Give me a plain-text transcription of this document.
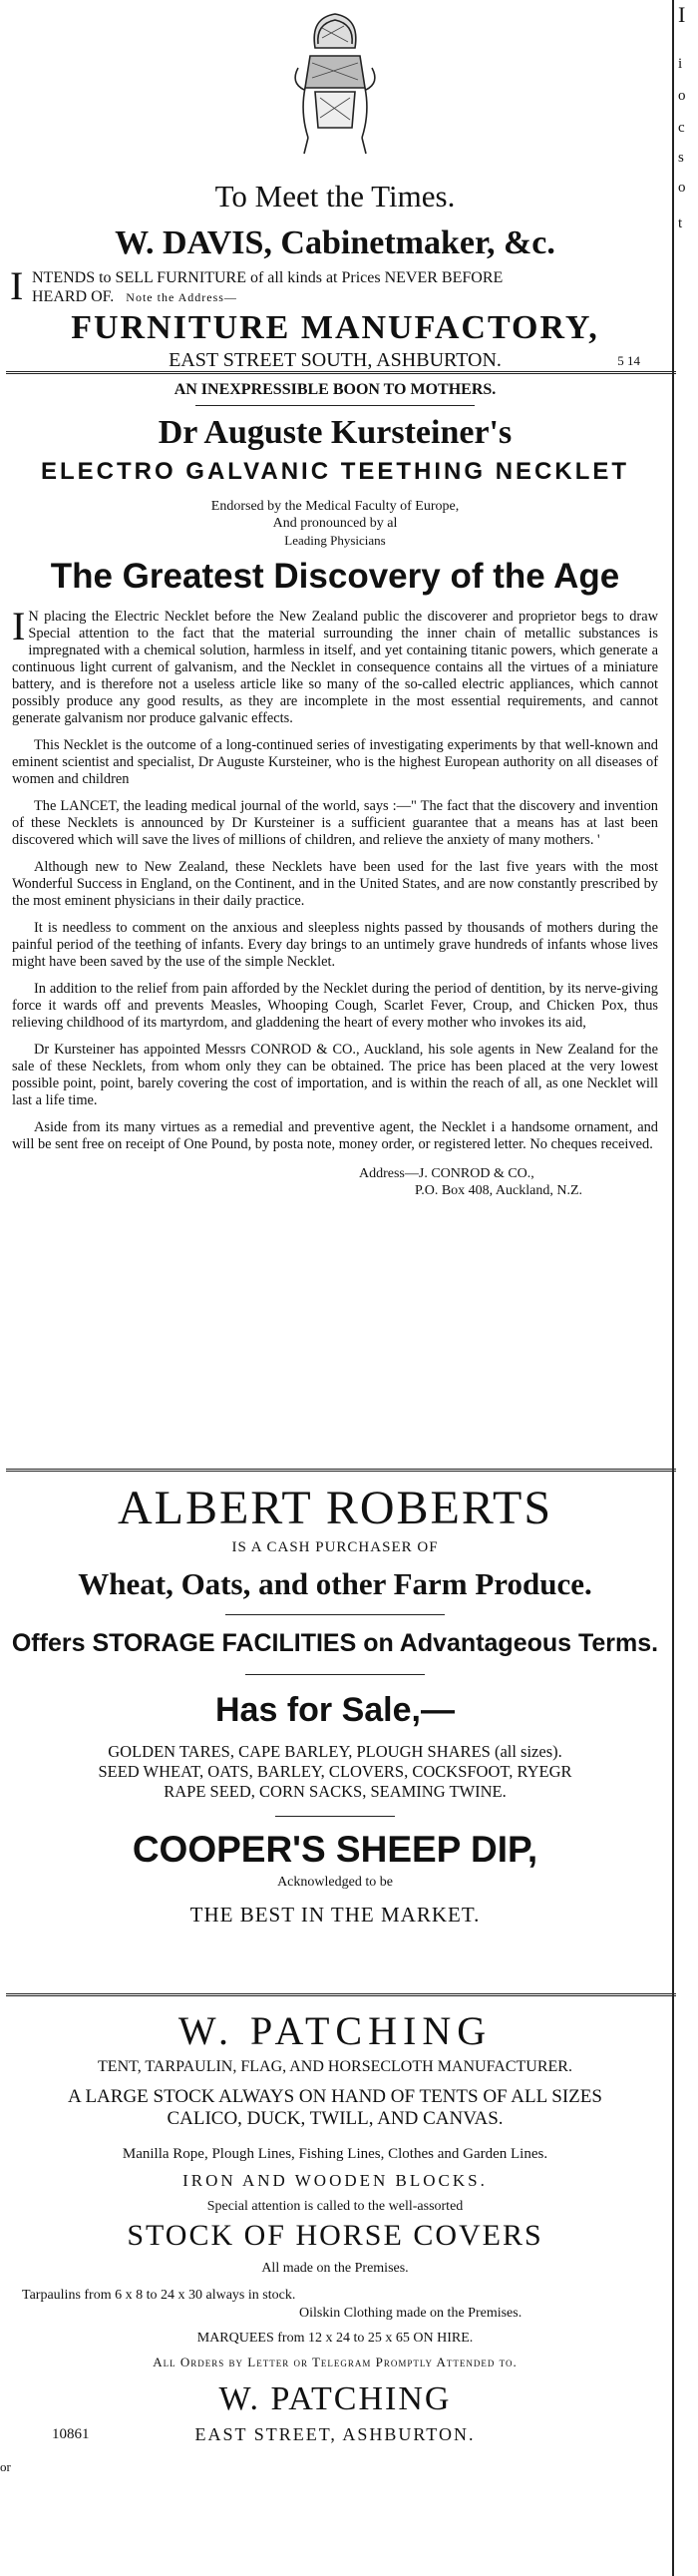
I
i
o
c
s
o
t
To Meet the Times.
W. DAVIS, Cabinetmaker, &c.
I NTENDS to SELL FURNITURE of all kinds at Prices NEVER BEFORE
HEARD OF. Note the Address—
FURNITURE MANUFACTORY,
EAST STREET SOUTH, ASHBURTON.	5 14
AN INEXPRESSIBLE BOON TO MOTHERS.
Dr Auguste Kursteiner's
ELECTRO GALVANIC TEETHING NECKLET
Endorsed by the Medical Faculty of Europe,
And pronounced by al
Leading Physicians
The Greatest Discovery of the Age
I N placing the Electric Necklet before the New Zealand public the discoverer and proprietor begs to draw Special attention to the fact that the material surrounding the inner chain of metallic substances is impregnated with a chemical solution, harmless in itself, and yet containing titanic powers, which generate a continuous light current of galvanism, and the Necklet in consequence contains all the virtues of a miniature battery, and is therefore not a useless article like so many of the so-called electric appliances, which cannot possibly produce any good results, as they are incomplete in the most essential requirements, and cannot generate galvanism nor produce galvanic effects.
This Necklet is the outcome of a long-continued series of investigating experiments by that well-known and eminent scientist and specialist, Dr Auguste Kursteiner, who is the highest European authority on all diseases of women and children
The LANCET, the leading medical journal of the world, says :—" The fact that the discovery and invention of these Necklets is announced by Dr Kursteiner is a sufficient guarantee that a means has at last been discovered which will save the lives of millions of children, and relieve the anxiety of many mothers. '
Although new to New Zealand, these Necklets have been used for the last five years with the most Wonderful Success in England, on the Continent, and in the United States, and are now constantly prescribed by the most eminent physicians in their daily practice.
It is needless to comment on the anxious and sleepless nights passed by thousands of mothers during the painful period of the teething of infants. Every day brings to an untimely grave hundreds of infants whose lives might have been saved by the use of the simple Necklet.
In addition to the relief from pain afforded by the Necklet during the period of dentition, by its nerve-giving force it wards off and prevents Measles, Whooping Cough, Scarlet Fever, Croup, and Chicken Pox, thus relieving childhood of its martyrdom, and gladdening the heart of every mother who invokes its aid,
Dr Kursteiner has appointed Messrs CONROD & CO., Auckland, his sole agents in New Zealand for the sale of these Necklets, from whom only they can be obtained. The price has been placed at the very lowest possible point, point, barely covering the cost of importation, and is within the reach of all, as one Necklet will last a life time.
Aside from its many virtues as a remedial and preventive agent, the Necklet i a handsome ornament, and will be sent free on receipt of One Pound, by posta note, money order, or registered letter. No cheques received.
Address—J. CONROD & CO.,
P.O. Box 408, Auckland, N.Z.
ALBERT ROBERTS
IS A CASH PURCHASER OF
Wheat, Oats, and other Farm Produce.
Offers STORAGE FACILITIES on Advantageous Terms.
Has for Sale,—
GOLDEN TARES, CAPE BARLEY, PLOUGH SHARES (all sizes).
SEED WHEAT, OATS, BARLEY, CLOVERS, COCKSFOOT, RYEGR
RAPE SEED, CORN SACKS, SEAMING TWINE.
COOPER'S SHEEP DIP,
Acknowledged to be
THE BEST IN THE MARKET.
W. PATCHING
TENT, TARPAULIN, FLAG, AND HORSECLOTH MANUFACTURER.
A LARGE STOCK ALWAYS ON HAND OF TENTS OF ALL SIZES
CALICO, DUCK, TWILL, AND CANVAS.
Manilla Rope, Plough Lines, Fishing Lines, Clothes and Garden Lines.
IRON AND WOODEN BLOCKS.
Special attention is called to the well-assorted
STOCK OF HORSE COVERS
All made on the Premises.
Tarpaulins from 6 x 8 to 24 x 30 always in stock.
Oilskin Clothing made on the Premises.
MARQUEES from 12 x 24 to 25 x 65 ON HIRE.
All Orders by Letter or Telegram Promptly Attended to.
W. PATCHING
10861	EAST STREET, ASHBURTON.
or
